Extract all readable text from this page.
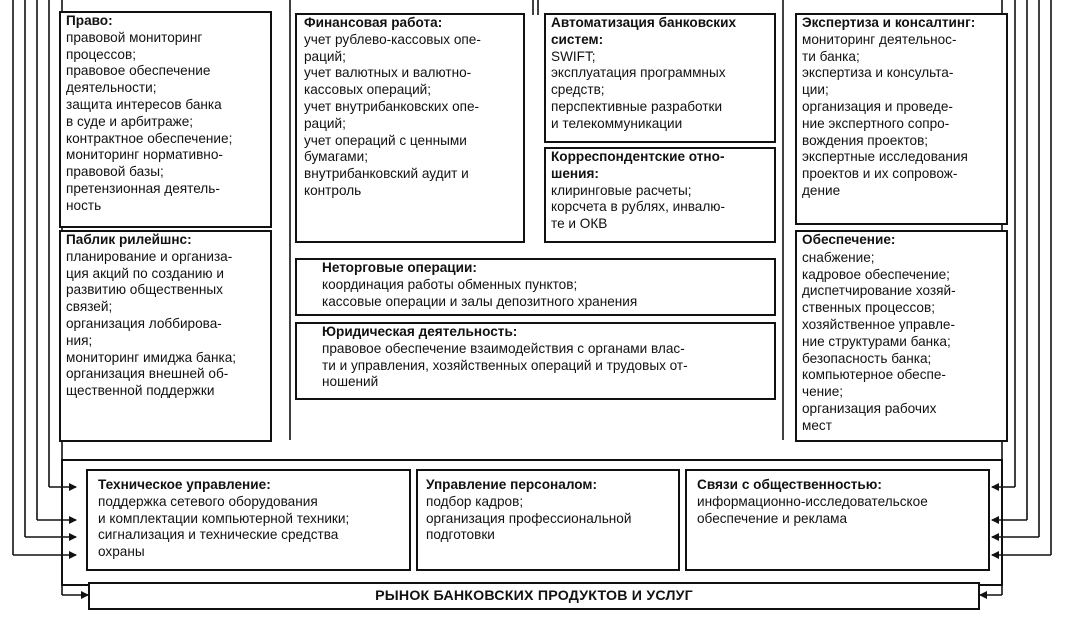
Право:
правовой мониторинг
процессов;
правовое обеспечение
деятельности;
защита интересов банка
в суде и арбитраже;
контрактное обеспечение;
мониторинг нормативно-
правовой базы;
претензионная деятель-
ность
Паблик рилейшнс:
планирование и организа-
ция акций по созданию и
развитию общественных
связей;
организация лоббирова-
ния;
мониторинг имиджа банка;
организация внешней об-
щественной поддержки
Финансовая работа:
учет рублево-кассовых опе-
раций;
учет валютных и валютно-
кассовых операций;
учет внутрибанковских опе-
раций;
учет операций с ценными
бумагами;
внутрибанковский аудит и
контроль
Автоматизация банковских
систем:
SWIFT;
эксплуатация программных
средств;
перспективные разработки
и телекоммуникации
Корреспондентские отно-
шения:
клиринговые расчеты;
корсчета в рублях, инвалю-
те и ОКВ
Неторговые операции:
координация работы обменных пунктов;
кассовые операции и залы депозитного хранения
Юридическая деятельность:
правовое обеспечение взаимодействия с органами влас-
ти и управления, хозяйственных операций и трудовых от-
ношений
Экспертиза и консалтинг:
мониторинг деятельнос-
ти банка;
экспертиза и консульта-
ции;
организация и проведе-
ние экспертного сопро-
вождения проектов;
экспертные исследования
проектов и их сопровож-
дение
Обеспечение:
снабжение;
кадровое обеспечение;
диспетчирование хозяй-
ственных процессов;
хозяйственное управле-
ние структурами банка;
безопасность банка;
компьютерное обеспе-
чение;
организация рабочих
мест
Техническое управление:
поддержка сетевого оборудования
и комплектации компьютерной техники;
сигнализация и технические средства
охраны
Управление персоналом:
подбор кадров;
организация профессиональной
подготовки
Связи с общественностью:
информационно-исследовательское
обеспечение и реклама
РЫНОК БАНКОВСКИХ ПРОДУКТОВ И УСЛУГ
